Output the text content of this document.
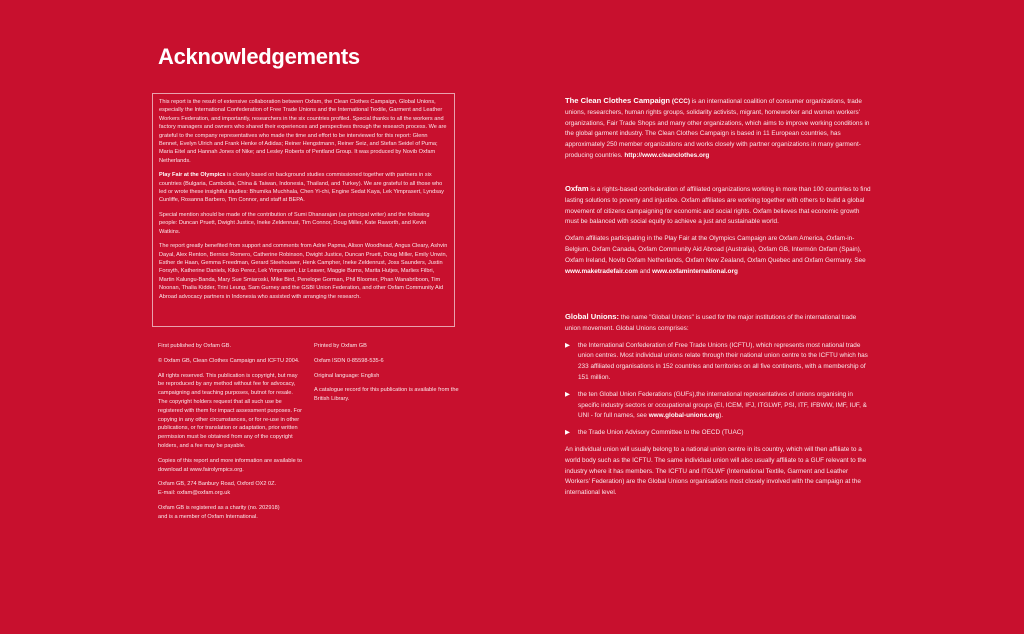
Acknowledgements

This report is the result of extensive collaboration between Oxfam, the Clean Clothes Campaign, Global Unions, especially the International Confederation of Free Trade Unions and the International Textile, Garment and Leather Workers Federation, and importantly, researchers in the six countries profiled. Special thanks to all the workers and factory managers and owners who shared their experiences and perspectives through the research process. We are grateful to the company representatives who made the time and effort to be interviewed for this report: Glenn Bennet, Evelyn Ulrich and Frank Henke of Adidas; Reiner Hengstmann, Reiner Seiz, and Stefan Seidel of Puma; Maria Eitel and Hannah Jones of Nike; and Lesley Roberts of Pentland Group. It was produced by Novib Oxfam Netherlands.

Play Fair at the Olympics is closely based on background studies commissioned together with partners in six countries (Bulgaria, Cambodia, China & Taiwan, Indonesia, Thailand, and Turkey). We are grateful to all those who led or wrote these insightful studies: Bhumika Muchhala, Chen Yi-chi, Engine Sedat Kaya, Lek Yimprasert, Lyndsay Cunliffe, Rosanna Barbero, Tim Connor, and staff at BEPA.

Special mention should be made of the contribution of Sumi Dhanarajan (as principal writer) and the following people: Duncan Pruett, Dwight Justice, Ineke Zeldenrust, Tim Connor, Doug Miller, Kate Raworth, and Kevin Watkins.

The report greatly benefited from support and comments from Adrie Papma, Alison Woodhead, Angus Cleary, Ashvin Dayal, Alex Renton, Bernice Romero, Catherine Robinson, Dwight Justice, Duncan Pruett, Doug Miller, Emily Unwin, Esther de Haan, Gemma Freedman, Gerard Steehouwer, Henk Campher, Ineke Zeldenrust, Joss Saunders, Justin Forsyth, Katherine Daniels, Kiko Perez, Lek Yimprasert, Liz Leaver, Maggie Burns, Marita Hutjes, Marlies Filbri, Martin Kalungu-Banda, Mary Sue Smiaroski, Mike Bird, Penelope Gorman, Phil Bloomer, Phan Wanabriboon, Tim Noonan, Thalia Kidder, Trini Leung, Sam Gurney and the GSBI Union Federation, and other Oxfam Community Aid Abroad advocacy partners in Indonesia who assisted with arranging the research.

First published by Oxfam GB.

© Oxfam GB, Clean Clothes Campaign and ICFTU 2004.

All rights reserved. This publication is copyright, but may be reproduced by any method without fee for advocacy, campaigning and teaching purposes, butnot for resale. The copyright holders request that all such use be registered with them for impact assessment purposes. For copying in any other circumstances, or for re-use in other publications, or for translation or adaptation, prior written permission must be obtained from any of the copyright holders, and a fee may be payable.

Copies of this report and more information are available to download at www.fairolympics.org.

Oxfam GB, 274 Banbury Road, Oxford OX2 0Z.
E-mail: oxfam@oxfam.org.uk

Oxfam GB is registered as a charity (no. 202918)
and is a member of Oxfam International.

Printed by Oxfam GB

Oxfam ISDN 0-85598-535-6

Original language: English

A catalogue record for this publication is available from the British Library.

The Clean Clothes Campaign (CCC) is an international coalition of consumer organizations, trade unions, researchers, human rights groups, solidarity activists, migrant, homeworker and women workers' organizations, Fair Trade Shops and many other organizations, which aims to improve working conditions in the global garment industry. The Clean Clothes Campaign is based in 11 European countries, has approximately 250 member organizations and works closely with partner organizations in many garment-producing countries. http://www.cleanclothes.org

Oxfam is a rights-based confederation of affiliated organizations working in more than 100 countries to find lasting solutions to poverty and injustice. Oxfam affiliates are working together with others to build a global movement of citizens campaigning for economic and social rights. Oxfam believes that economic growth must be balanced with social equity to achieve a just and sustainable world.

Oxfam affiliates participating in the Play Fair at the Olympics Campaign are Oxfam America, Oxfam-in-Belgium, Oxfam Canada, Oxfam Community Aid Abroad (Australia), Oxfam GB, Intermón Oxfam (Spain), Oxfam Ireland, Novib Oxfam Netherlands, Oxfam New Zealand, Oxfam Quebec and Oxfam Germany. See www.maketradefair.com and www.oxfaminternational.org

Global Unions: the name "Global Unions" is used for the major institutions of the international trade union movement. Global Unions comprises:

▶ the International Confederation of Free Trade Unions (ICFTU), which represents most national trade union centres. Most individual unions relate through their national union centre to the ICFTU which has 233 affiliated organisations in 152 countries and territories on all five continents, with a membership of 151 million.
▶ the ten Global Union Federations (GUFs),the international representatives of unions organising in specific industry sectors or occupational groups (EI, ICEM, IFJ, ITGLWF, PSI, ITF, IFBWW, IMF, IUF, & UNI - for full names, see www.global-unions.org).
▶ the Trade Union Advisory Committee to the OECD (TUAC)

An individual union will usually belong to a national union centre in its country, which will then affiliate to a world body such as the ICFTU. The same individual union will also usually affiliate to a GUF relevant to the industry where it has members. The ICFTU and ITGLWF (International Textile, Garment and Leather Workers' Federation) are the Global Unions organisations most closely involved with the campaign at the international level.
